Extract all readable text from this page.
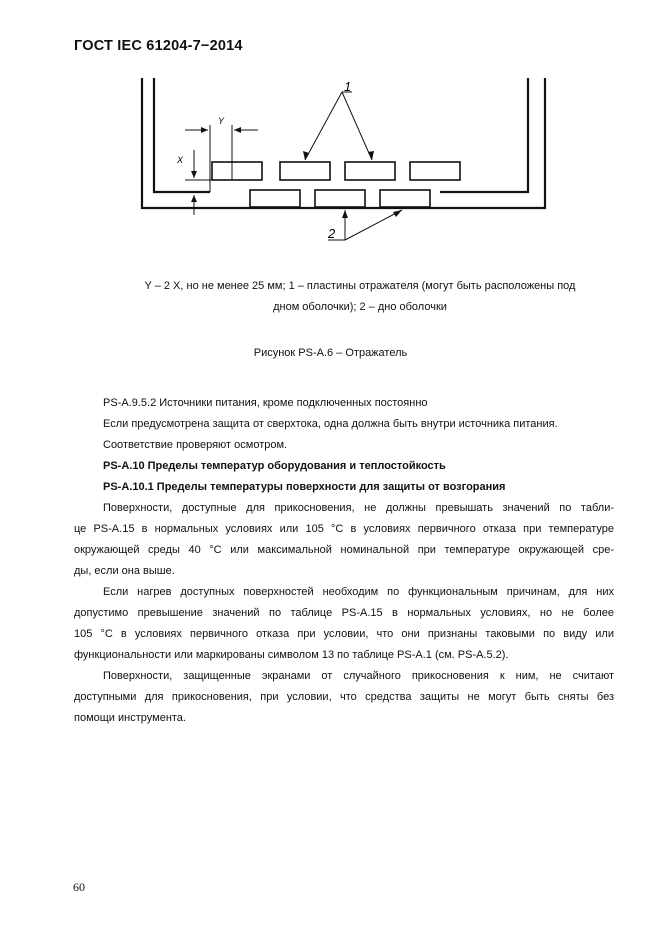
ГОСТ IEC 61204-7−2014
1
2
X
Y
Y – 2 X, но не менее 25 мм; 1 – пластины отражателя (могут быть расположены под
дном оболочки); 2 – дно оболочки
Рисунок PS-A.6 – Отражатель

PS-A.9.5.2 Источники питания, кроме подключенных постоянно

Если предусмотрена защита от сверхтока, одна должна быть внутри источника питания.

Соответствие проверяют осмотром.

PS-A.10 Пределы температур оборудования и теплостойкость

PS-A.10.1 Пределы температуры поверхности для защиты от возгорания

Поверхности, доступные для прикосновения, не должны превышать значений по табли-

це PS-A.15 в нормальных условиях или 105 °С в условиях первичного отказа при температуре

окружающей среды 40 °С или максимальной номинальной при температуре окружающей сре-

ды, если она выше.

Если нагрев доступных поверхностей необходим по функциональным причинам, для них

допустимо превышение значений по таблице PS-A.15 в нормальных условиях, но не более

105 °С в условиях первичного отказа при условии, что они признаны таковыми по виду или

функциональности или маркированы символом 13 по таблице PS-A.1 (см. PS-A.5.2).

Поверхности, защищенные экранами от случайного прикосновения к ним, не считают

доступными для прикосновения, при условии, что средства защиты не могут быть сняты без

помощи инструмента.

60
